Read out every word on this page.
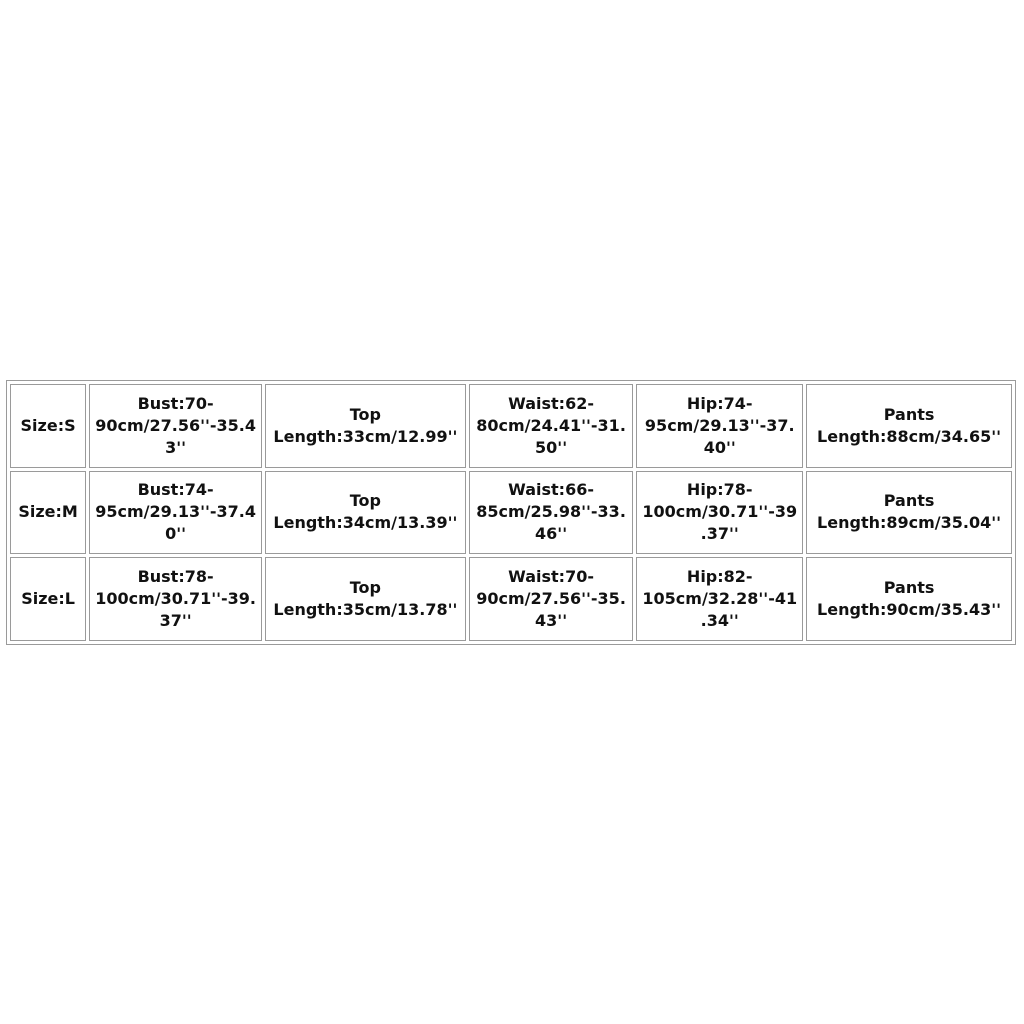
Size:S	Bust:70-90cm/27.56''-35.43''	Top Length:33cm/12.99''	Waist:62-80cm/24.41''-31.50''	Hip:74-95cm/29.13''-37.40''	Pants Length:88cm/34.65''
Size:M	Bust:74-95cm/29.13''-37.40''	Top Length:34cm/13.39''	Waist:66-85cm/25.98''-33.46''	Hip:78-100cm/30.71''-39.37''	Pants Length:89cm/35.04''
Size:L	Bust:78-100cm/30.71''-39.37''	Top Length:35cm/13.78''	Waist:70-90cm/27.56''-35.43''	Hip:82-105cm/32.28''-41.34''	Pants Length:90cm/35.43''
